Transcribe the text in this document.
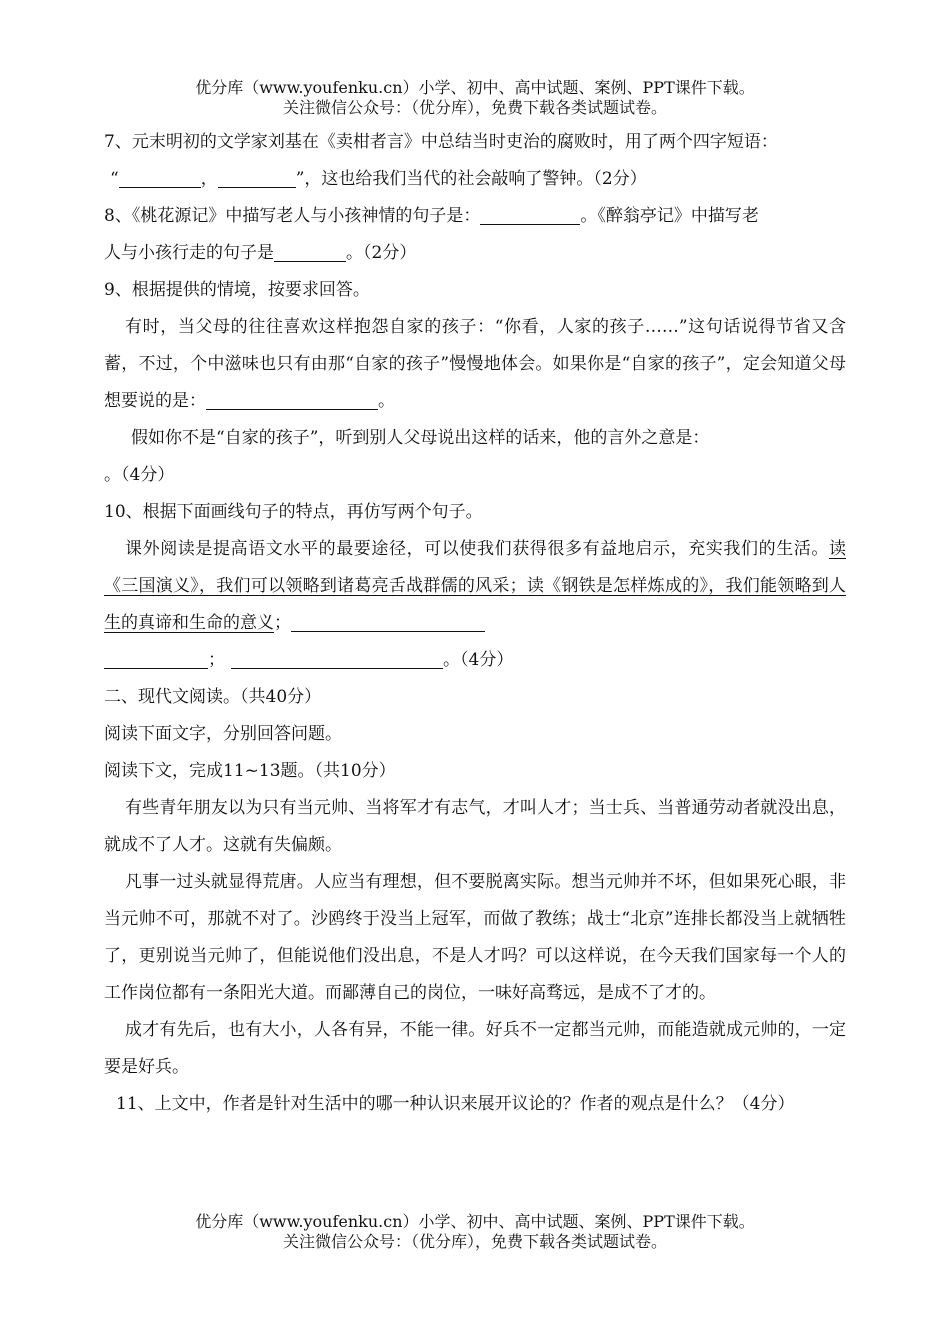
优分库（www.youfenku.cn）小学、初中、高中试题、案例、PPT课件下载。
关注微信公众号：（优分库），免费下载各类试题试卷。

7、元末明初的文学家刘基在《卖柑者言》中总结当时吏治的腐败时，用了两个四字短语：

“	，	”，这也给我们当代的社会敲响了警钟。（2分）

8、《桃花源记》中描写老人与小孩神情的句子是：	。《醉翁亭记》中描写老
人与小孩行走的句子是	。（2分）

9、根据提供的情境，按要求回答。

有时，当父母的往往喜欢这样抱怨自家的孩子：“你看，人家的孩子……”这句话说得节省又含蓄，不过，个中滋味也只有由那“自家的孩子”慢慢地体会。如果你是“自家的孩子”，定会知道父母想要说的是：	。

假如你不是“自家的孩子”，听到别人父母说出这样的话来，他的言外之意是：

。（4分）

10、根据下面画线句子的特点，再仿写两个句子。

课外阅读是提高语文水平的最要途径，可以使我们获得很多有益地启示，充实我们的生活。读《三国演义》，我们可以领略到诸葛亮舌战群儒的风采；读《钢铁是怎样炼成的》，我们能领略到人生的真谛和生命的意义；

；	。（4分）

二、现代文阅读。（共40分）

阅读下面文字，分别回答问题。

阅读下文，完成11~13题。（共10分）

有些青年朋友以为只有当元帅、当将军才有志气，才叫人才；当士兵、当普通劳动者就没出息，就成不了人才。这就有失偏颇。

凡事一过头就显得荒唐。人应当有理想，但不要脱离实际。想当元帅并不坏，但如果死心眼，非当元帅不可，那就不对了。沙鸥终于没当上冠军，而做了教练；战士“北京”连排长都没当上就牺牲了，更别说当元帅了，但能说他们没出息，不是人才吗？可以这样说，在今天我们国家每一个人的工作岗位都有一条阳光大道。而鄙薄自己的岗位，一味好高骛远，是成不了才的。

成才有先后，也有大小，人各有异，不能一律。好兵不一定都当元帅，而能造就成元帅的，一定要是好兵。

11、上文中，作者是针对生活中的哪一种认识来展开议论的？作者的观点是什么？（4分）

优分库（www.youfenku.cn）小学、初中、高中试题、案例、PPT课件下载。
关注微信公众号：（优分库），免费下载各类试题试卷。
